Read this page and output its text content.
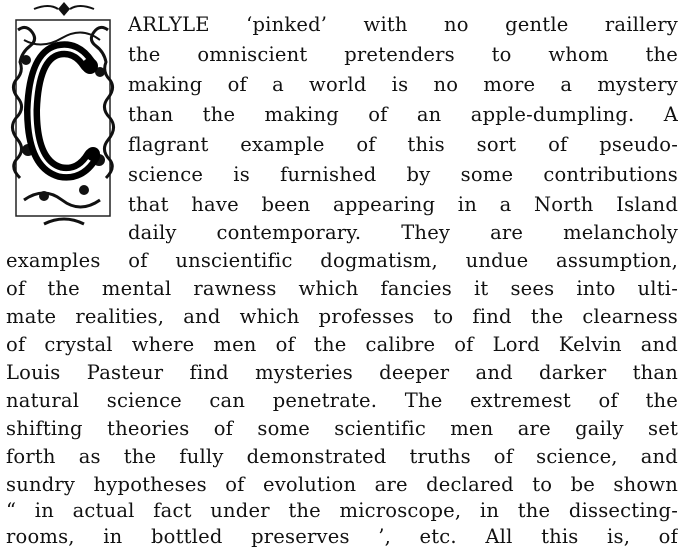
ARLYLE ‘pinked’ with no gentle raillery
the omniscient pretenders to whom the
making of a world is no more a mystery
than the making of an apple-dumpling. A
flagrant example of this sort of pseudo-
science is furnished by some contributions
that have been appearing in a North Island
daily contemporary. They are melancholy
examples of unscientific dogmatism, undue assumption,
of the mental rawness which fancies it sees into ulti-
mate realities, and which professes to find the clearness
of crystal where men of the calibre of Lord Kelvin and
Louis Pasteur find mysteries deeper and darker than
natural science can penetrate. The extremest of the
shifting theories of some scientific men are gaily set
forth as the fully demonstrated truths of science, and
sundry hypotheses of evolution are declared to be shown
“ in actual fact under the microscope, in the dissecting-
rooms, in bottled preserves ’, etc. All this is, of
